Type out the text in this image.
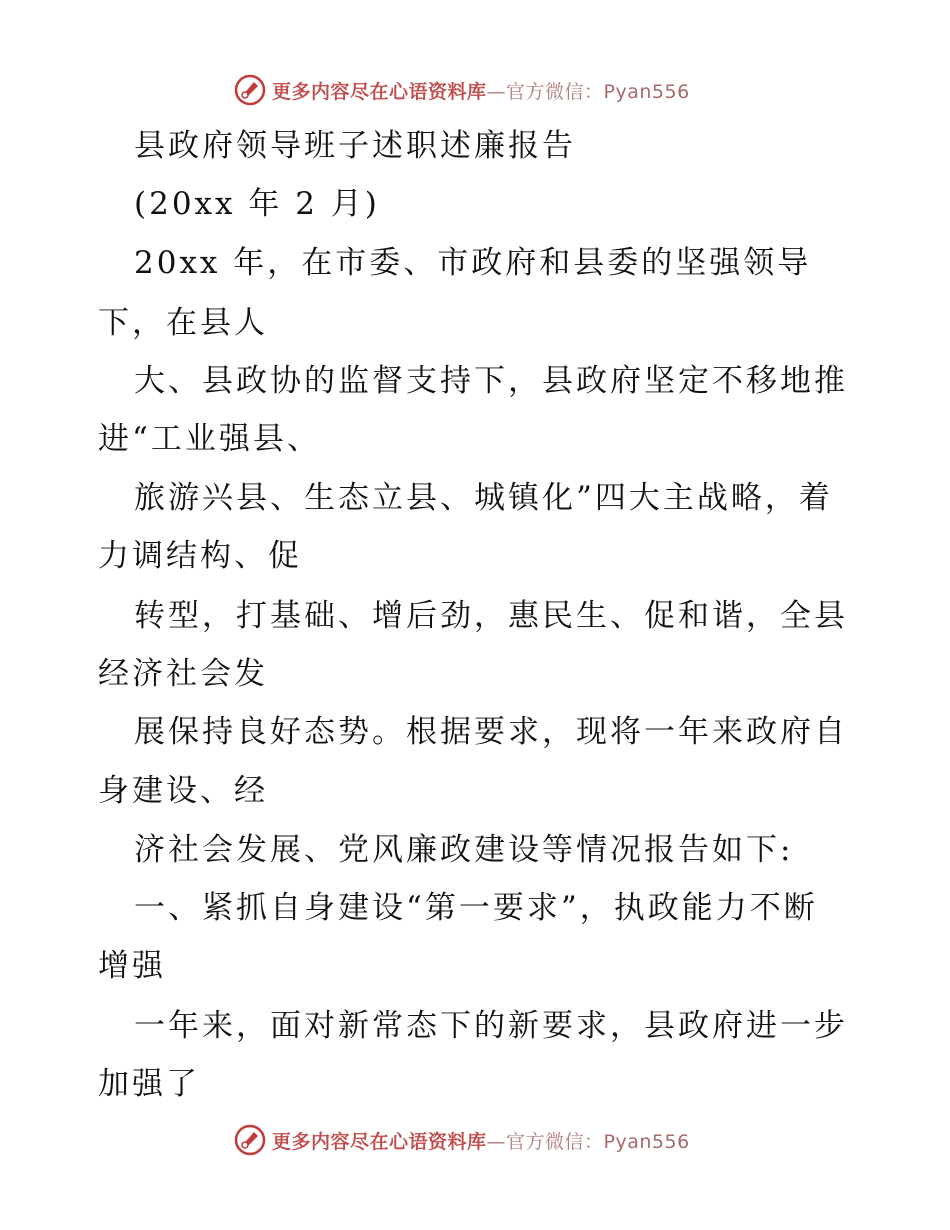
更多内容尽在心语资料库—官方微信：Pyan556
县政府领导班子述职述廉报告
(20xx 年 2 月)
20xx 年，在市委、市政府和县委的坚强领导
下，在县人
大、县政协的监督支持下，县政府坚定不移地推
进“工业强县、
旅游兴县、生态立县、城镇化”四大主战略，着
力调结构、促
转型，打基础、增后劲，惠民生、促和谐，全县
经济社会发
展保持良好态势。根据要求，现将一年来政府自
身建设、经
济社会发展、党风廉政建设等情况报告如下:
一、紧抓自身建设“第一要求”，执政能力不断
增强
一年来，面对新常态下的新要求，县政府进一步
加强了
更多内容尽在心语资料库—官方微信：Pyan556
